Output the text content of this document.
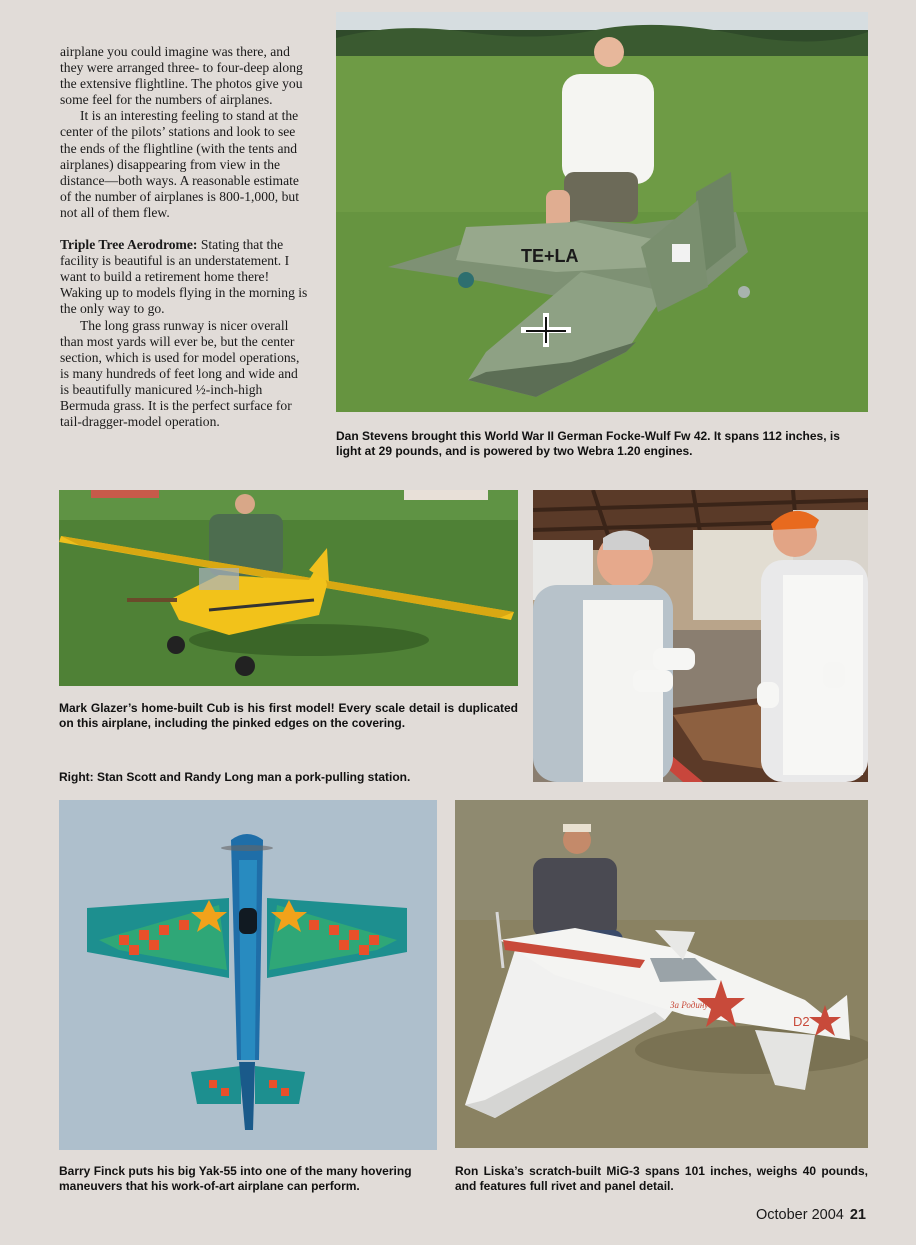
airplane you could imagine was there, and they were arranged three- to four-deep along the extensive flightline. The photos give you some feel for the numbers of airplanes.

It is an interesting feeling to stand at the center of the pilots’ stations and look to see the ends of the flightline (with the tents and airplanes) disappearing from view in the distance—both ways. A reasonable estimate of the number of airplanes is 800-1,000, but not all of them flew.

Triple Tree Aerodrome: Stating that the facility is beautiful is an understatement. I want to build a retirement home there! Waking up to models flying in the morning is the only way to go.

The long grass runway is nicer overall than most yards will ever be, but the center section, which is used for model operations, is many hundreds of feet long and wide and is beautifully manicured ½-inch-high Bermuda grass. It is the perfect surface for tail-dragger-model operation.

TE+LA
Dan Stevens brought this World War II German Focke-Wulf Fw 42. It spans 112 inches, is light at 29 pounds, and is powered by two Webra 1.20 engines.
Mark Glazer’s home-built Cub is his first model! Every scale detail is duplicated on this airplane, including the pinked edges on the covering.
Right: Stan Scott and Randy Long man a pork-pulling station.
Barry Finck puts his big Yak-55 into one of the many hovering maneuvers that his work-of-art airplane can perform.
D2
За Родину
Ron Liska’s scratch-built MiG-3 spans 101 inches, weighs 40 pounds, and features full rivet and panel detail.
October 2004 21
